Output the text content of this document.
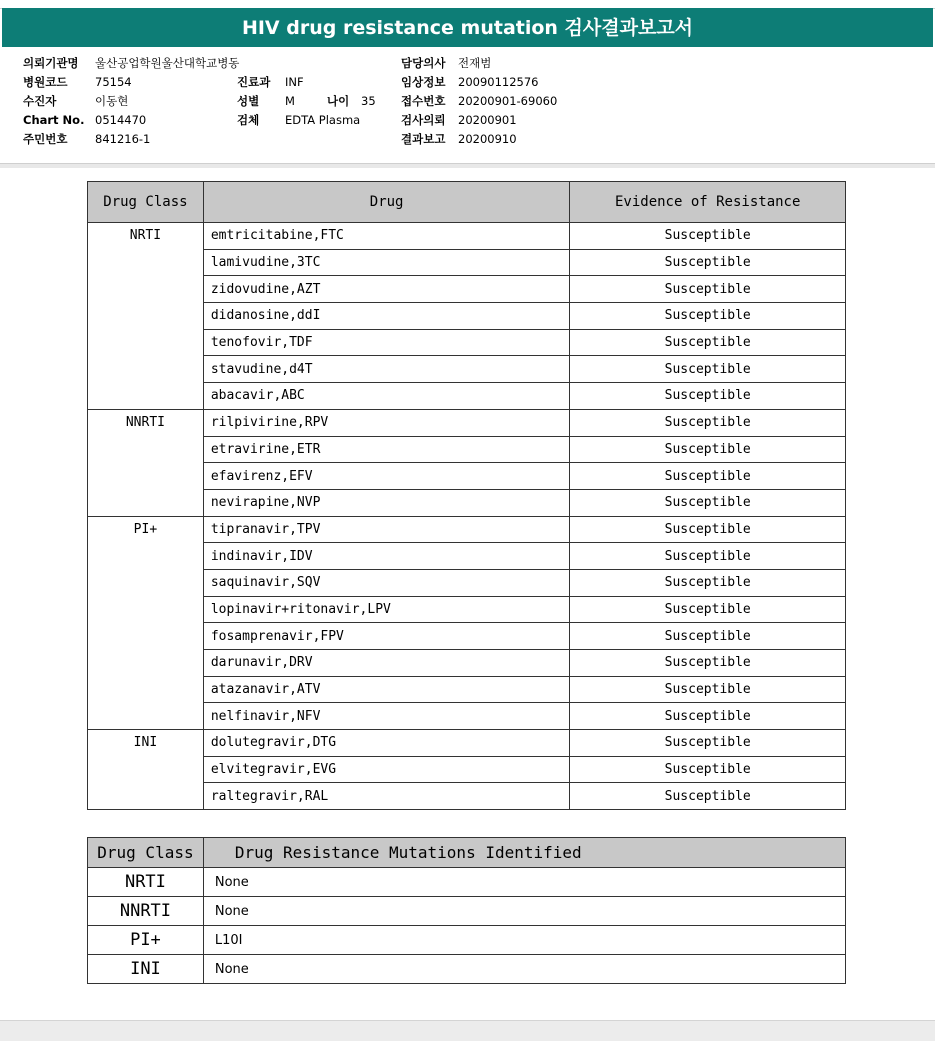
HIV drug resistance mutation 검사결과보고서
의뢰기관명 울산공업학원울산대학교병동
병원코드 75154
수진자	이동현
Chart No. 0514470
주민번호 841216-1
진료과 INF
성별 M	나이 35
검체 EDTA Plasma
담당의사 전재범
임상정보 20090112576
접수번호 20200901-69060
검사의뢰 20200901
결과보고 20200910
Drug Class	Drug	Evidence of Resistance
NRTI	emtricitabine,FTC	Susceptible
	lamivudine,3TC	Susceptible
	zidovudine,AZT	Susceptible
	didanosine,ddI	Susceptible
	tenofovir,TDF	Susceptible
	stavudine,d4T	Susceptible
	abacavir,ABC	Susceptible
NNRTI	rilpivirine,RPV	Susceptible
	etravirine,ETR	Susceptible
	efavirenz,EFV	Susceptible
	nevirapine,NVP	Susceptible
PI+	tipranavir,TPV	Susceptible
	indinavir,IDV	Susceptible
	saquinavir,SQV	Susceptible
	lopinavir+ritonavir,LPV	Susceptible
	fosamprenavir,FPV	Susceptible
	darunavir,DRV	Susceptible
	atazanavir,ATV	Susceptible
	nelfinavir,NFV	Susceptible
INI	dolutegravir,DTG	Susceptible
	elvitegravir,EVG	Susceptible
	raltegravir,RAL	Susceptible
Drug Class	Drug Resistance Mutations Identified
NRTI	None
NNRTI	None
PI+	L10I
INI	None
